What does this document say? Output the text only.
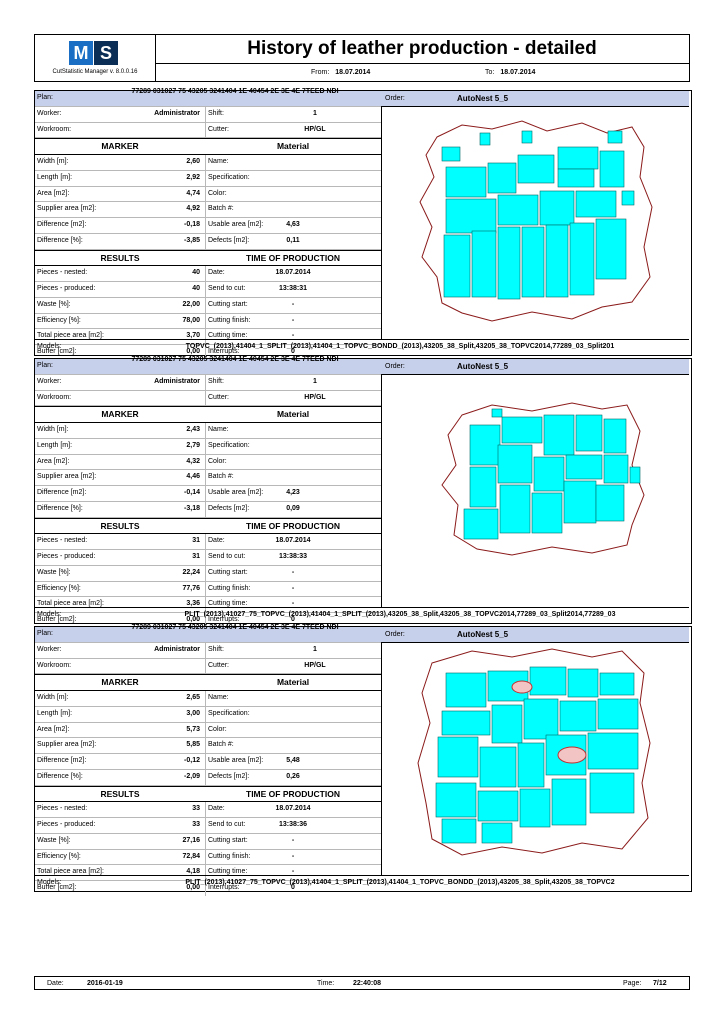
M S
CutStatistic Manager v. 8.0.0.16
History of leather production - detailed
From: 18.07.2014	To: 18.07.2014
Plan:
77289 031027 75 43205 3241404 1E 40454 2E 3E 4E 7TEED NDI
Worker:	Administrator Shift:	1
Workroom:	Cutter:	HP/GL
MARKER	Material
Width [m]:	2,60 Name:
Length [m]:	2,92 Specification:
Area [m2]:	4,74 Color:
Supplier area [m2]:	4,92 Batch #:
Difference [m2]:	-0,18 Usable area [m2]:	4,63
Difference [%]:	-3,85 Defects [m2]:	0,11
RESULTS	TIME OF PRODUCTION
Pieces - nested:	40 Date:	18.07.2014
Pieces - produced:	40 Send to cut:	13:38:31
Waste [%]:	22,00 Cutting start:	-
Efficiency [%]:	78,00 Cutting finish:	-
Total piece area [m2]:	3,70 Cutting time:	-
Buffer [cm2]:	0,00 Interrupts:	0
Order:	AutoNest 5_5
Models:	TOPVC_(2013),41404_1_SPLIT_(2013),41404_1_TOPVC_BONDD_(2013),43205_38_Split,43205_38_TOPVC2014,77289_03_Split201
Plan:
77289 031027 75 43205 3241404 1E 40454 2E 3E 4E 7TEED NDI
Worker:	Administrator Shift:	1
Workroom:	Cutter:	HP/GL
MARKER	Material
Width [m]:	2,43 Name:
Length [m]:	2,79 Specification:
Area [m2]:	4,32 Color:
Supplier area [m2]:	4,46 Batch #:
Difference [m2]:	-0,14 Usable area [m2]:	4,23
Difference [%]:	-3,18 Defects [m2]:	0,09
RESULTS	TIME OF PRODUCTION
Pieces - nested:	31 Date:	18.07.2014
Pieces - produced:	31 Send to cut:	13:38:33
Waste [%]:	22,24 Cutting start:	-
Efficiency [%]:	77,76 Cutting finish:	-
Total piece area [m2]:	3,36 Cutting time:	-
Buffer [cm2]:	0,00 Interrupts:	0
Order:	AutoNest 5_5
Models:	PLIT_(2013),41027_75_TOPVC_(2013),41404_1_SPLIT_(2013),43205_38_Split,43205_38_TOPVC2014,77289_03_Split2014,77289_03
Plan:
77289 031027 75 43205 3241404 1E 40454 2E 3E 4E 7TEED NDI
Worker:	Administrator Shift:	1
Workroom:	Cutter:	HP/GL
MARKER	Material
Width [m]:	2,65 Name:
Length [m]:	3,00 Specification:
Area [m2]:	5,73 Color:
Supplier area [m2]:	5,85 Batch #:
Difference [m2]:	-0,12 Usable area [m2]:	5,48
Difference [%]:	-2,09 Defects [m2]:	0,26
RESULTS	TIME OF PRODUCTION
Pieces - nested:	33 Date:	18.07.2014
Pieces - produced:	33 Send to cut:	13:38:36
Waste [%]:	27,16 Cutting start:	-
Efficiency [%]:	72,84 Cutting finish:	-
Total piece area [m2]:	4,18 Cutting time:	-
Buffer [cm2]:	0,00 Interrupts:	0
Order:	AutoNest 5_5
Models:	PLIT_(2013),41027_75_TOPVC_(2013),41404_1_SPLIT_(2013),41404_1_TOPVC_BONDD_(2013),43205_38_Split,43205_38_TOPVC2
Date:	2016-01-19	Time:	22:40:08	Page: 7/12
